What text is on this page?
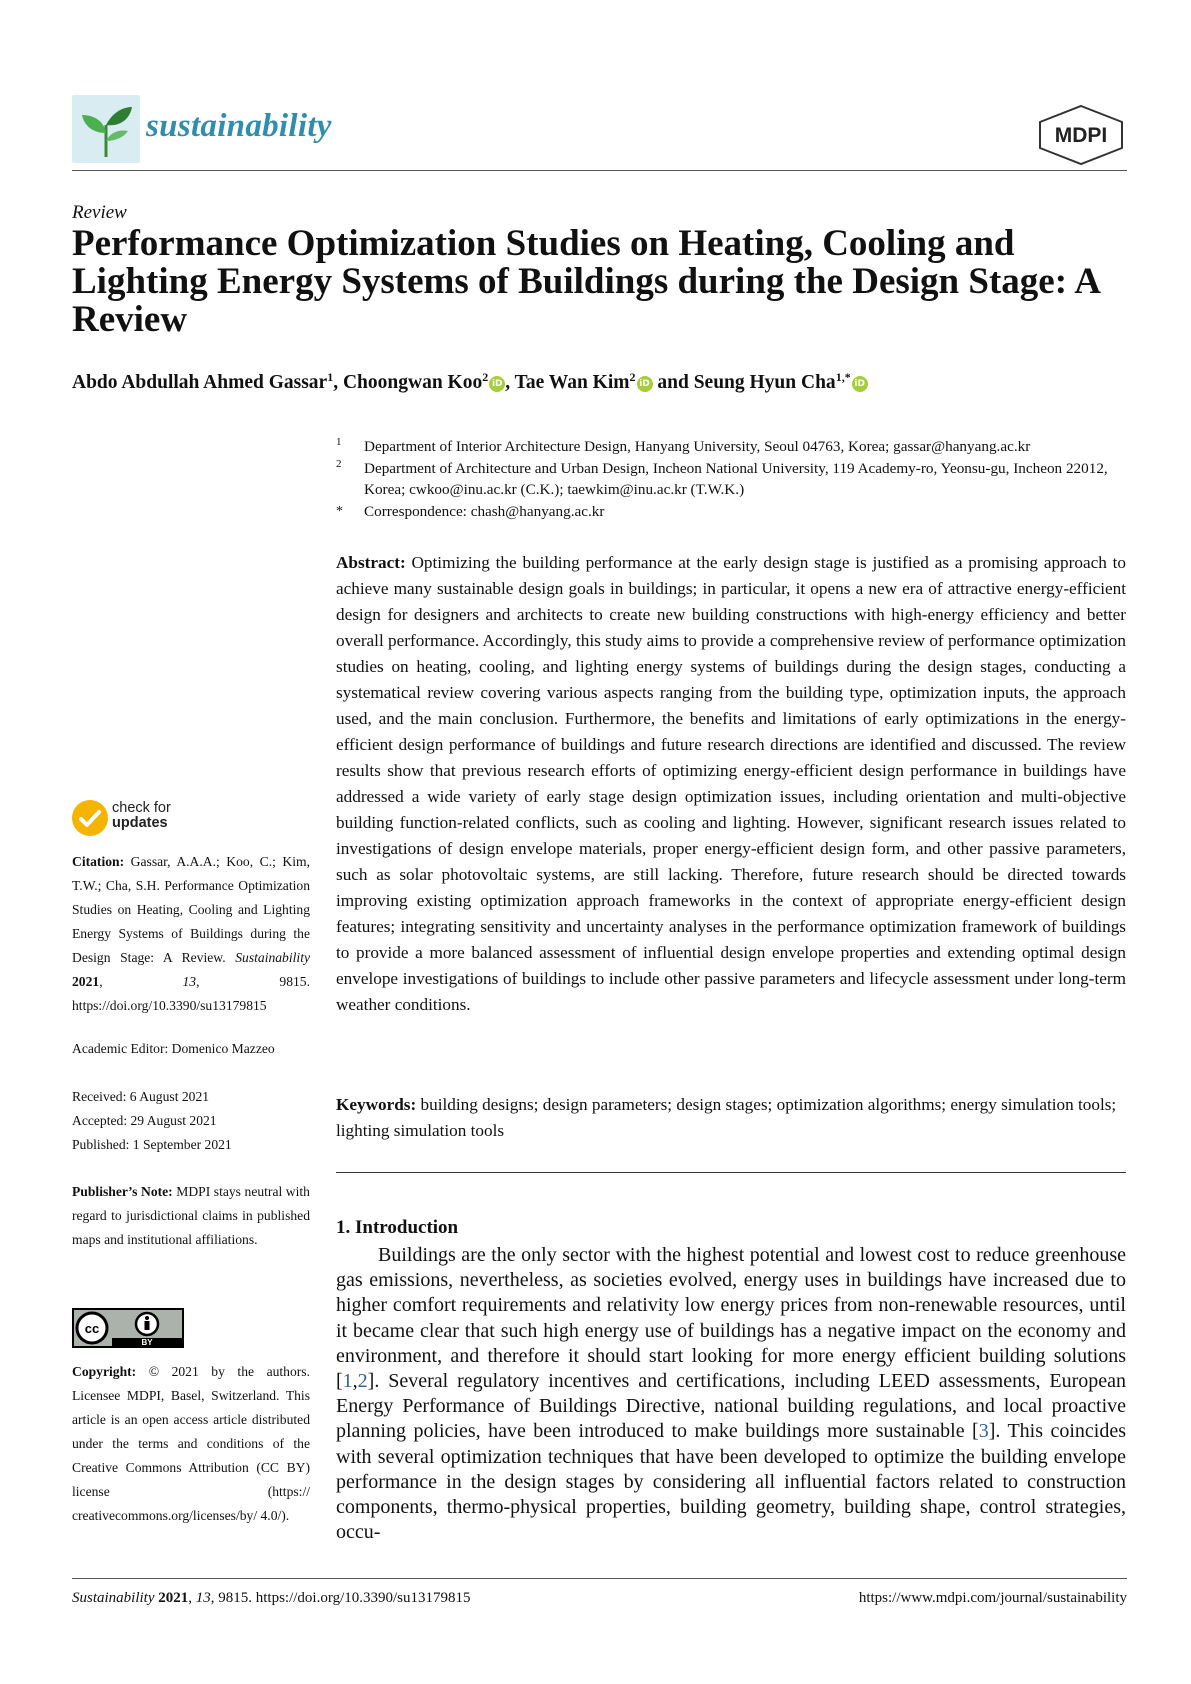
sustainability	MDPI
Review
Performance Optimization Studies on Heating, Cooling and Lighting Energy Systems of Buildings during the Design Stage: A Review
Abdo Abdullah Ahmed Gassar$^1$, Choongwan Koo$^2$ iD , Tae Wan Kim$^2$ iD and Seung Hyun Cha$^{1,*}$ iD
1 Department of Interior Architecture Design, Hanyang University, Seoul 04763, Korea; gassar@hanyang.ac.kr
2 Department of Architecture and Urban Design, Incheon National University, 119 Academy-ro, Yeonsu-gu, Incheon 22012, Korea; cwkoo@inu.ac.kr (C.K.); taewkim@inu.ac.kr (T.W.K.)
* Correspondence: chash@hanyang.ac.kr
Abstract: Optimizing the building performance at the early design stage is justified as a promising approach to achieve many sustainable design goals in buildings; in particular, it opens a new era of attractive energy-efficient design for designers and architects to create new building constructions with high-energy efficiency and better overall performance. Accordingly, this study aims to provide a comprehensive review of performance optimization studies on heating, cooling, and lighting energy systems of buildings during the design stages, conducting a systematical review covering various aspects ranging from the building type, optimization inputs, the approach used, and the main conclusion. Furthermore, the benefits and limitations of early optimizations in the energy-efficient design performance of buildings and future research directions are identified and discussed. The review results show that previous research efforts of optimizing energy-efficient design performance in buildings have addressed a wide variety of early stage design optimization issues, including orientation and multi-objective building function-related conflicts, such as cooling and lighting. However, significant research issues related to investigations of design envelope materials, proper energy-efficient design form, and other passive parameters, such as solar photovoltaic systems, are still lacking. Therefore, future research should be directed towards improving existing optimization approach frameworks in the context of appropriate energy-efficient design features; integrating sensitivity and uncertainty analyses in the performance optimization framework of buildings to provide a more balanced assessment of influential design envelope properties and extending optimal design envelope investigations of buildings to include other passive parameters and lifecycle assessment under long-term weather conditions.
Keywords: building designs; design parameters; design stages; optimization algorithms; energy simulation tools; lighting simulation tools
1. Introduction
Buildings are the only sector with the highest potential and lowest cost to reduce greenhouse gas emissions, nevertheless, as societies evolved, energy uses in buildings have increased due to higher comfort requirements and relativity low energy prices from non-renewable resources, until it became clear that such high energy use of buildings has a negative impact on the economy and environment, and therefore it should start looking for more energy efficient building solutions [1,2]. Several regulatory incentives and certifications, including LEED assessments, European Energy Performance of Buildings Directive, national building regulations, and local proactive planning policies, have been introduced to make buildings more sustainable [3]. This coincides with several optimization techniques that have been developed to optimize the building envelope performance in the design stages by considering all influential factors related to construction components, thermo-physical properties, building geometry, building shape, control strategies, occu-
check for
updates
Citation: Gassar, A.A.A.; Koo, C.; Kim, T.W.; Cha, S.H. Performance Optimization Studies on Heating, Cooling and Lighting Energy Systems of Buildings during the Design Stage: A Review. Sustainability 2021, 13, 9815. https://doi.org/10.3390/su13179815
Academic Editor: Domenico Mazzeo
Received: 6 August 2021
Accepted: 29 August 2021
Published: 1 September 2021
Publisher’s Note: MDPI stays neutral with regard to jurisdictional claims in published maps and institutional affiliations.
BY
cc
Copyright: © 2021 by the authors. Licensee MDPI, Basel, Switzerland. This article is an open access article distributed under the terms and conditions of the Creative Commons Attribution (CC BY) license (https:// creativecommons.org/licenses/by/ 4.0/).
Sustainability 2021, 13, 9815. https://doi.org/10.3390/su13179815	https://www.mdpi.com/journal/sustainability
